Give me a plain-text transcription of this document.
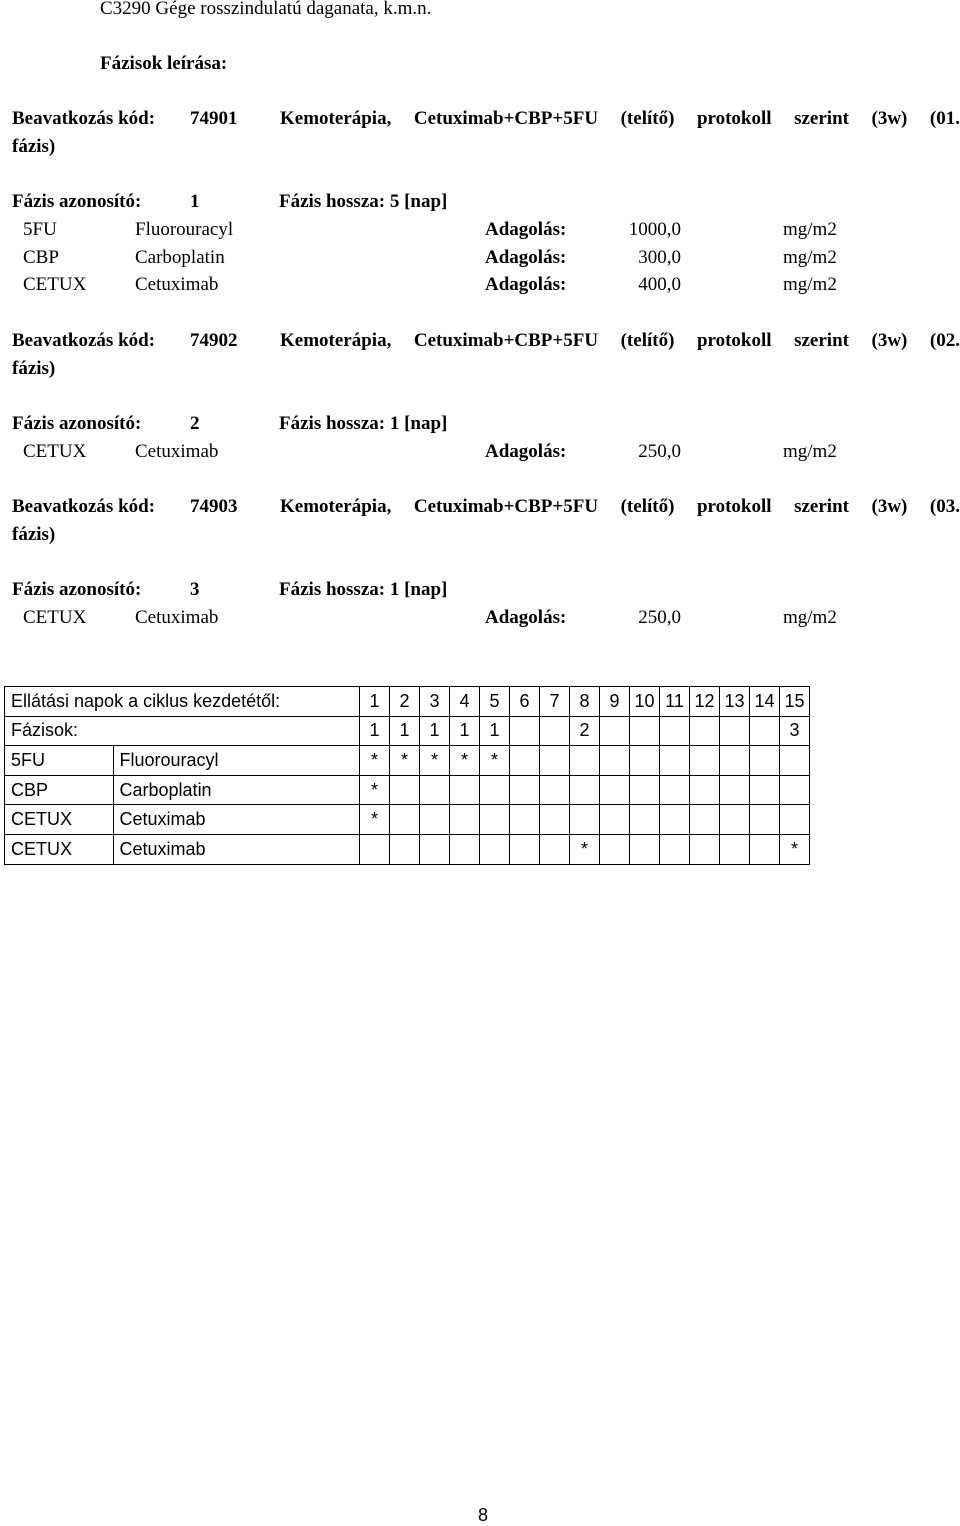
C3290 Gége rosszindulatú daganata, k.m.n.
Fázisok leírása:
Beavatkozás kód: 74901 Kemoterápia, Cetuximab+CBP+5FU (telítő) protokoll szerint (3w) (01.
fázis)
Fázis azonosító:	1	Fázis hossza: 5 [nap]
5FU	Fluorouracyl	Adagolás:	1000,0	mg/m2
CBP	Carboplatin	Adagolás:	300,0	mg/m2
CETUX	Cetuximab	Adagolás:	400,0	mg/m2
Beavatkozás kód: 74902 Kemoterápia, Cetuximab+CBP+5FU (telítő) protokoll szerint (3w) (02.
fázis)
Fázis azonosító:	2	Fázis hossza: 1 [nap]
CETUX	Cetuximab	Adagolás:	250,0	mg/m2
Beavatkozás kód: 74903 Kemoterápia, Cetuximab+CBP+5FU (telítő) protokoll szerint (3w) (03.
fázis)
Fázis azonosító:	3	Fázis hossza: 1 [nap]
CETUX	Cetuximab	Adagolás:	250,0	mg/m2
Ellátási napok a ciklus kezdetétől:		1	2	3	4	5	6	7	8	9	10	11	12	13	14	15
Fázisok:		1	1	1	1	1			2							3
5FU	Fluorouracyl	*	*	*	*	*										
CBP	Carboplatin	*														
CETUX	Cetuximab	*														
CETUX	Cetuximab								*							*
8
